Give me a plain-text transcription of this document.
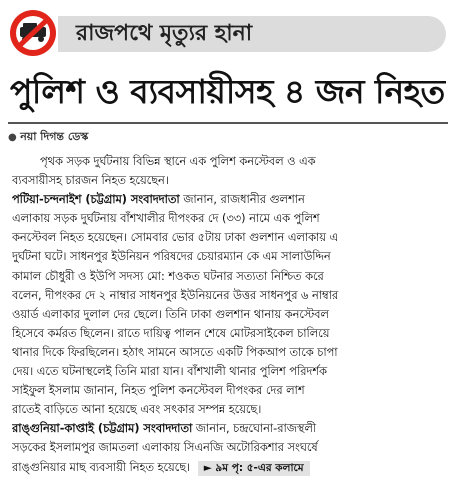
রাজপথে মৃত্যুর হানা
পুলিশ ও ব্যবসায়ীসহ ৪ জন নিহত
● নয়া দিগন্ত ডেস্ক

পৃথক সড়ক দুর্ঘটনায় বিভিন্ন স্থানে এক পুলিশ কনস্টেবল ও এক
ব্যবসায়ীসহ চারজন নিহত হয়েছেন।

পটিয়া-চন্দনাইশ (চট্টগ্রাম) সংবাদদাতা জানান, রাজধানীর গুলশান
এলাকায় সড়ক দুর্ঘটনায় বাঁশখালীর দীপংকর দে (৩৩) নামে এক পুলিশ
কনস্টেবল নিহত হয়েছেন। সোমবার ভোর ৫টায় ঢাকা গুলশান এলাকায় এ
দুর্ঘটনা ঘটে। সাধনপুর ইউনিয়ন পরিষদের চেয়ারম্যান কে এম সালাউদ্দিন
কামাল চৌধুরী ও ইউপি সদস্য মো: শওকত ঘটনার সত্যতা নিশ্চিত করে
বলেন, দীপংকর দে ২ নাম্বার সাধনপুর ইউনিয়নের উত্তর সাধনপুর ৬ নাম্বার
ওয়ার্ড এলাকার দুলাল দের ছেলে। তিনি ঢাকা গুলশান থানায় কনস্টেবল
হিসেবে কর্মরত ছিলেন। রাতে দায়িত্ব পালন শেষে মোটরসাইকেল চালিয়ে
থানার দিকে ফিরছিলেন। হঠাৎ সামনে আসতে একটি পিকআপ তাকে চাপা
দেয়। এতে ঘটনাস্থলেই তিনি মারা যান। বাঁশখালী থানার পুলিশ পরিদর্শক
সাইফুল ইসলাম জানান, নিহত পুলিশ কনস্টেবল দীপংকর দের লাশ
রাতেই বাড়িতে আনা হয়েছে এবং সৎকার সম্পন্ন হয়েছে।

রাঙ্গুনিয়া-কাপ্তাই (চট্টগ্রাম) সংবাদদাতা জানান, চন্দ্রঘোনা-রাজস্থলী
সড়কের ইসলামপুর জামতলা এলাকায় সিএনজি অটোরিকশার সংঘর্ষে
রাঙ্গুনিয়ার মাছ ব্যবসায়ী নিহত হয়েছে। ► ৯ম পৃ: ৫-এর কলামে
